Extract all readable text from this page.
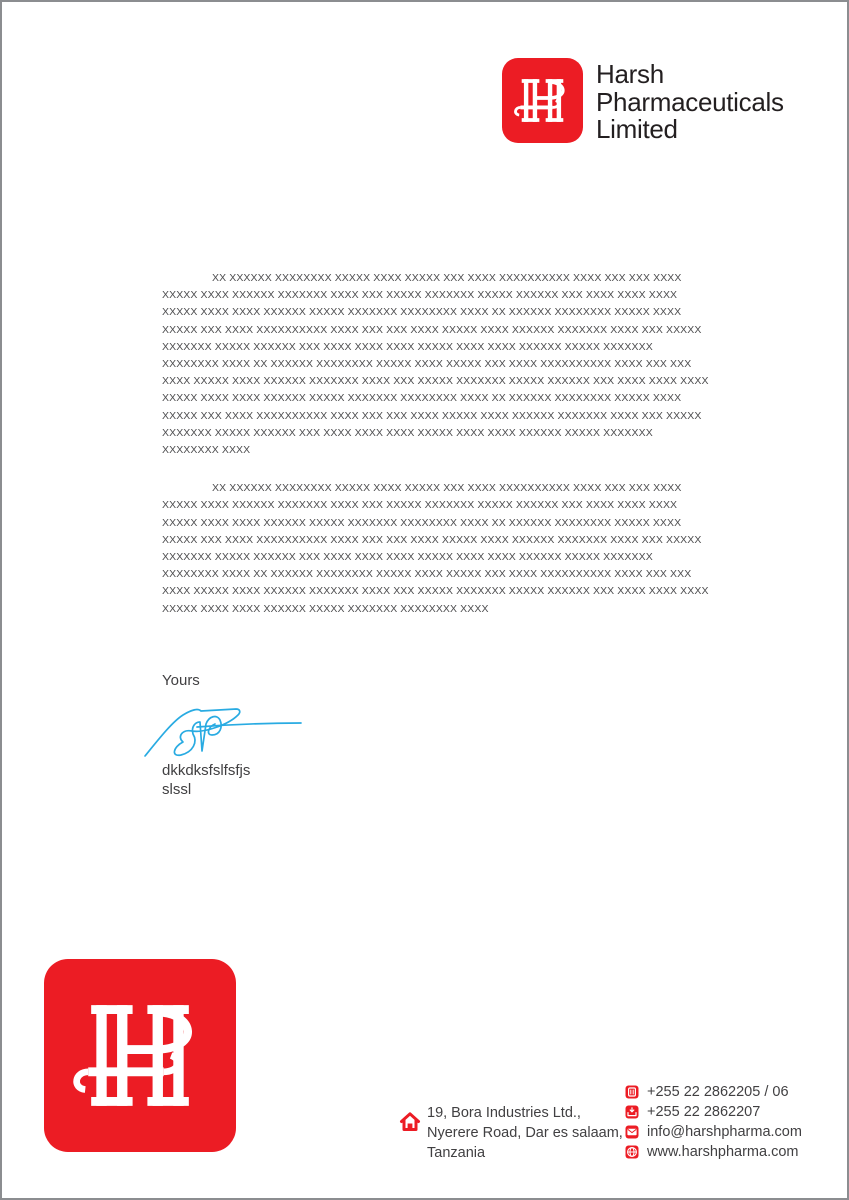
Harsh
Pharmaceuticals
Limited
XX XXXXXX XXXXXXXX XXXXX XXXX XXXXX XXX XXXX XXXXXXXXXX XXXX XXX XXX XXXX
XXXXX XXXX XXXXXX XXXXXXX XXXX XXX XXXXX XXXXXXX XXXXX XXXXXX XXX XXXX XXXX XXXX
XXXXX XXXX XXXX XXXXXX XXXXX XXXXXXX XXXXXXXX XXXX XX XXXXXX XXXXXXXX XXXXX XXXX
XXXXX XXX XXXX XXXXXXXXXX XXXX XXX XXX XXXX XXXXX XXXX XXXXXX XXXXXXX XXXX XXX XXXXX
XXXXXXX XXXXX XXXXXX XXX XXXX XXXX XXXX XXXXX XXXX XXXX XXXXXX XXXXX XXXXXXX
XXXXXXXX XXXX XX XXXXXX XXXXXXXX XXXXX XXXX XXXXX XXX XXXX XXXXXXXXXX XXXX XXX XXX
XXXX XXXXX XXXX XXXXXX XXXXXXX XXXX XXX XXXXX XXXXXXX XXXXX XXXXXX XXX XXXX XXXX XXXX
XXXXX XXXX XXXX XXXXXX XXXXX XXXXXXX XXXXXXXX XXXX XX XXXXXX XXXXXXXX XXXXX XXXX
XXXXX XXX XXXX XXXXXXXXXX XXXX XXX XXX XXXX XXXXX XXXX XXXXXX XXXXXXX XXXX XXX XXXXX
XXXXXXX XXXXX XXXXXX XXX XXXX XXXX XXXX XXXXX XXXX XXXX XXXXXX XXXXX XXXXXXX
XXXXXXXX XXXX
XX XXXXXX XXXXXXXX XXXXX XXXX XXXXX XXX XXXX XXXXXXXXXX XXXX XXX XXX XXXX
XXXXX XXXX XXXXXX XXXXXXX XXXX XXX XXXXX XXXXXXX XXXXX XXXXXX XXX XXXX XXXX XXXX
XXXXX XXXX XXXX XXXXXX XXXXX XXXXXXX XXXXXXXX XXXX XX XXXXXX XXXXXXXX XXXXX XXXX
XXXXX XXX XXXX XXXXXXXXXX XXXX XXX XXX XXXX XXXXX XXXX XXXXXX XXXXXXX XXXX XXX XXXXX
XXXXXXX XXXXX XXXXXX XXX XXXX XXXX XXXX XXXXX XXXX XXXX XXXXXX XXXXX XXXXXXX
XXXXXXXX XXXX XX XXXXXX XXXXXXXX XXXXX XXXX XXXXX XXX XXXX XXXXXXXXXX XXXX XXX XXX
XXXX XXXXX XXXX XXXXXX XXXXXXX XXXX XXX XXXXX XXXXXXX XXXXX XXXXXX XXX XXXX XXXX XXXX
XXXXX XXXX XXXX XXXXXX XXXXX XXXXXXX XXXXXXXX XXXX
Yours
dkkdksfslfsfjs
slssl
19, Bora Industries Ltd.,
Nyerere Road, Dar es salaam,
Tanzania
+255 22 2862205 / 06
+255 22 2862207
info@harshpharma.com
www.harshpharma.com
